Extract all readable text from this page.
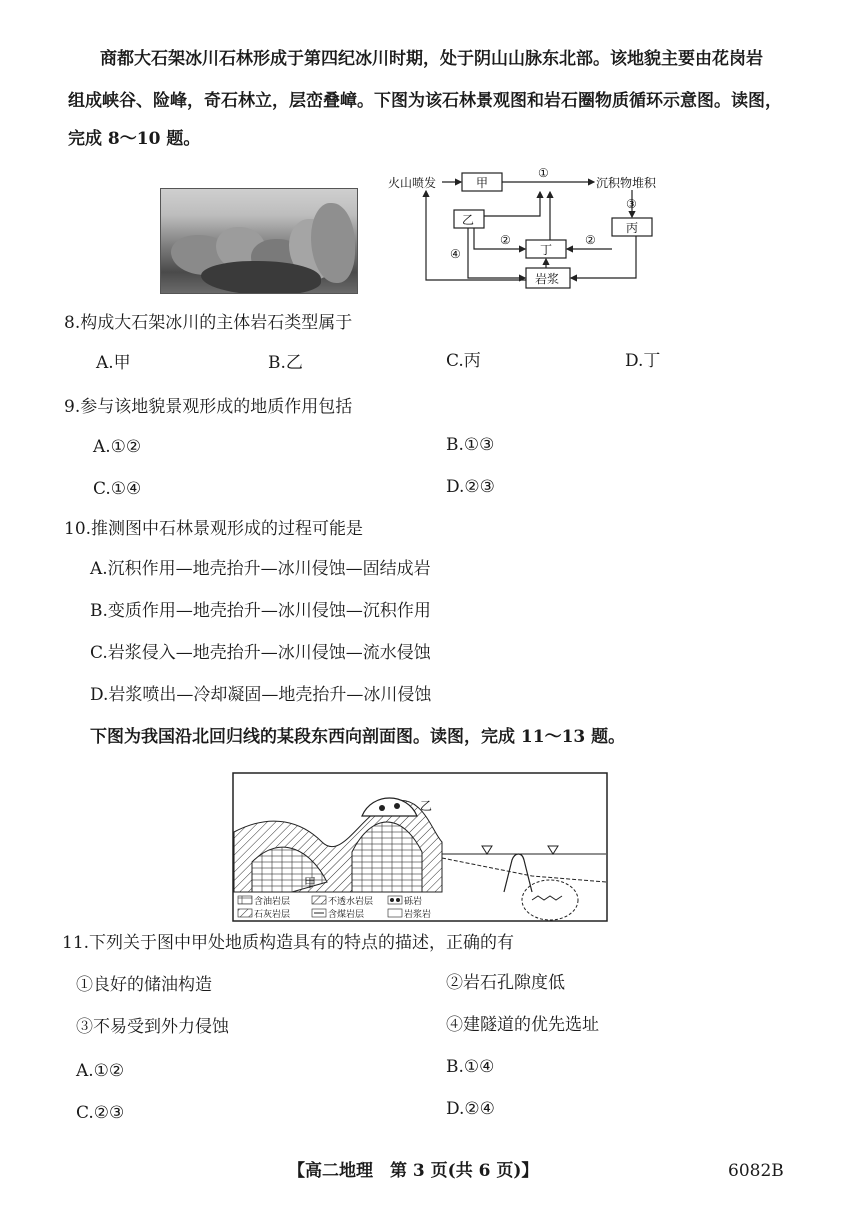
商都大石架冰川石林形成于第四纪冰川时期，处于阴山山脉东北部。该地貌主要由花岗岩
组成峡谷、险峰，奇石林立，层峦叠嶂。下图为该石林景观图和岩石圈物质循环示意图。读图，
完成 8～10 题。
火山喷发	甲
乙
丁
丙
岩浆
沉积物堆积
①
③
②	②
④
8.构成大石架冰川的主体岩石类型属于
A.甲	B.乙	C.丙	D.丁
9.参与该地貌景观形成的地质作用包括
A.①②	B.①③
C.①④	D.②③
10.推测图中石林景观形成的过程可能是
A.沉积作用—地壳抬升—冰川侵蚀—固结成岩
B.变质作用—地壳抬升—冰川侵蚀—沉积作用
C.岩浆侵入—地壳抬升—冰川侵蚀—流水侵蚀
D.岩浆喷出—冷却凝固—地壳抬升—冰川侵蚀
下图为我国沿北回归线的某段东西向剖面图。读图，完成 11～13 题。
含油岩层	不透水岩层	砾岩
石灰岩层	含煤岩层	岩浆岩
甲
乙
11.下列关于图中甲处地质构造具有的特点的描述，正确的有
①良好的储油构造	②岩石孔隙度低
③不易受到外力侵蚀	④建隧道的优先选址
A.①②	B.①④
C.②③	D.②④
【高二地理　第 3 页(共 6 页)】	6082B
